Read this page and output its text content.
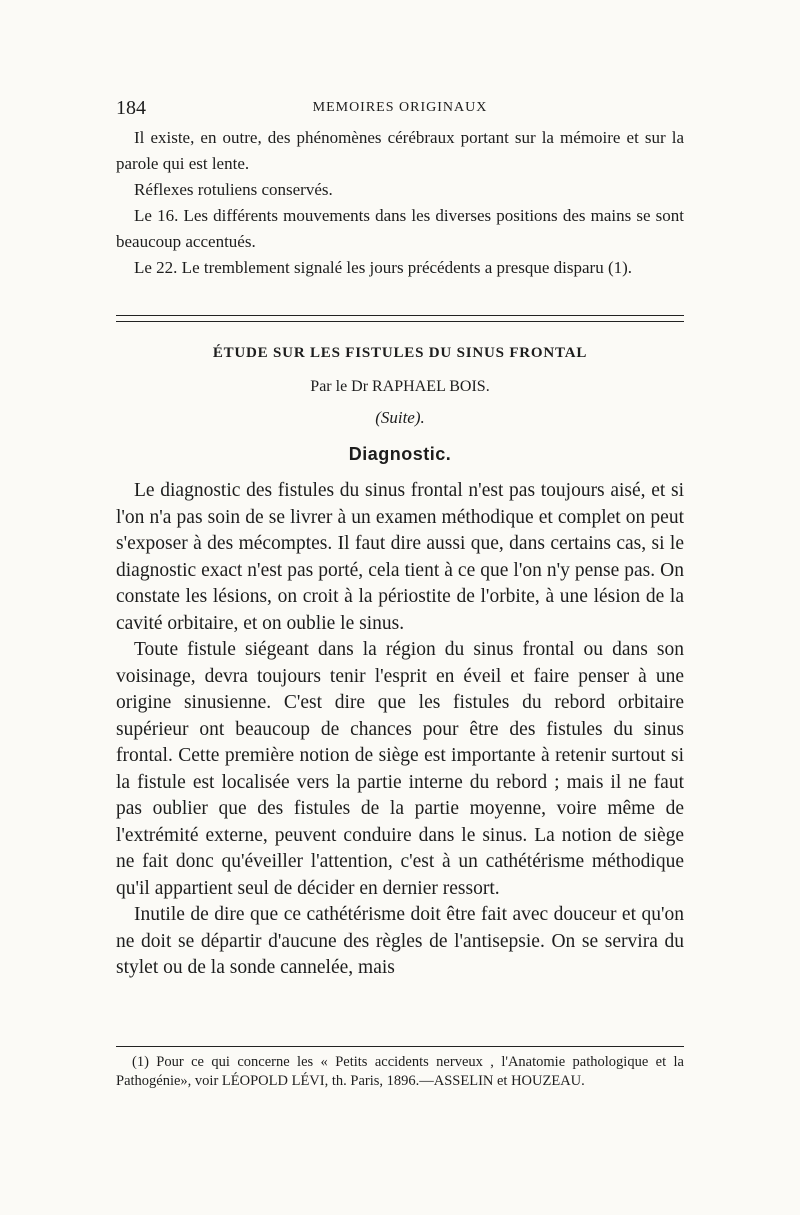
184	MEMOIRES ORIGINAUX

Il existe, en outre, des phénomènes cérébraux portant sur la mémoire et sur la parole qui est lente.

Réflexes rotuliens conservés.

Le 16. Les différents mouvements dans les diverses positions des mains se sont beaucoup accentués.

Le 22. Le tremblement signalé les jours précédents a presque disparu (1).

ÉTUDE SUR LES FISTULES DU SINUS FRONTAL
Par le Dr RAPHAEL BOIS.
(Suite).
Diagnostic.

Le diagnostic des fistules du sinus frontal n'est pas toujours aisé, et si l'on n'a pas soin de se livrer à un examen méthodique et complet on peut s'exposer à des mécomptes. Il faut dire aussi que, dans certains cas, si le diagnostic exact n'est pas porté, cela tient à ce que l'on n'y pense pas. On constate les lésions, on croit à la périostite de l'orbite, à une lésion de la cavité orbitaire, et on oublie le sinus.

Toute fistule siégeant dans la région du sinus frontal ou dans son voisinage, devra toujours tenir l'esprit en éveil et faire penser à une origine sinusienne. C'est dire que les fistules du rebord orbitaire supérieur ont beaucoup de chances pour être des fistules du sinus frontal. Cette première notion de siège est importante à retenir surtout si la fistule est localisée vers la partie interne du rebord ; mais il ne faut pas oublier que des fistules de la partie moyenne, voire même de l'extrémité externe, peuvent conduire dans le sinus. La notion de siège ne fait donc qu'éveiller l'attention, c'est à un cathétérisme méthodique qu'il appartient seul de décider en dernier ressort.

Inutile de dire que ce cathétérisme doit être fait avec douceur et qu'on ne doit se départir d'aucune des règles de l'antisepsie. On se servira du stylet ou de la sonde cannelée, mais

(1) Pour ce qui concerne les « Petits accidents nerveux , l'Anatomie pathologique et la Pathogénie», voir LÉOPOLD LÉVI, th. Paris, 1896.—ASSELIN et HOUZEAU.
